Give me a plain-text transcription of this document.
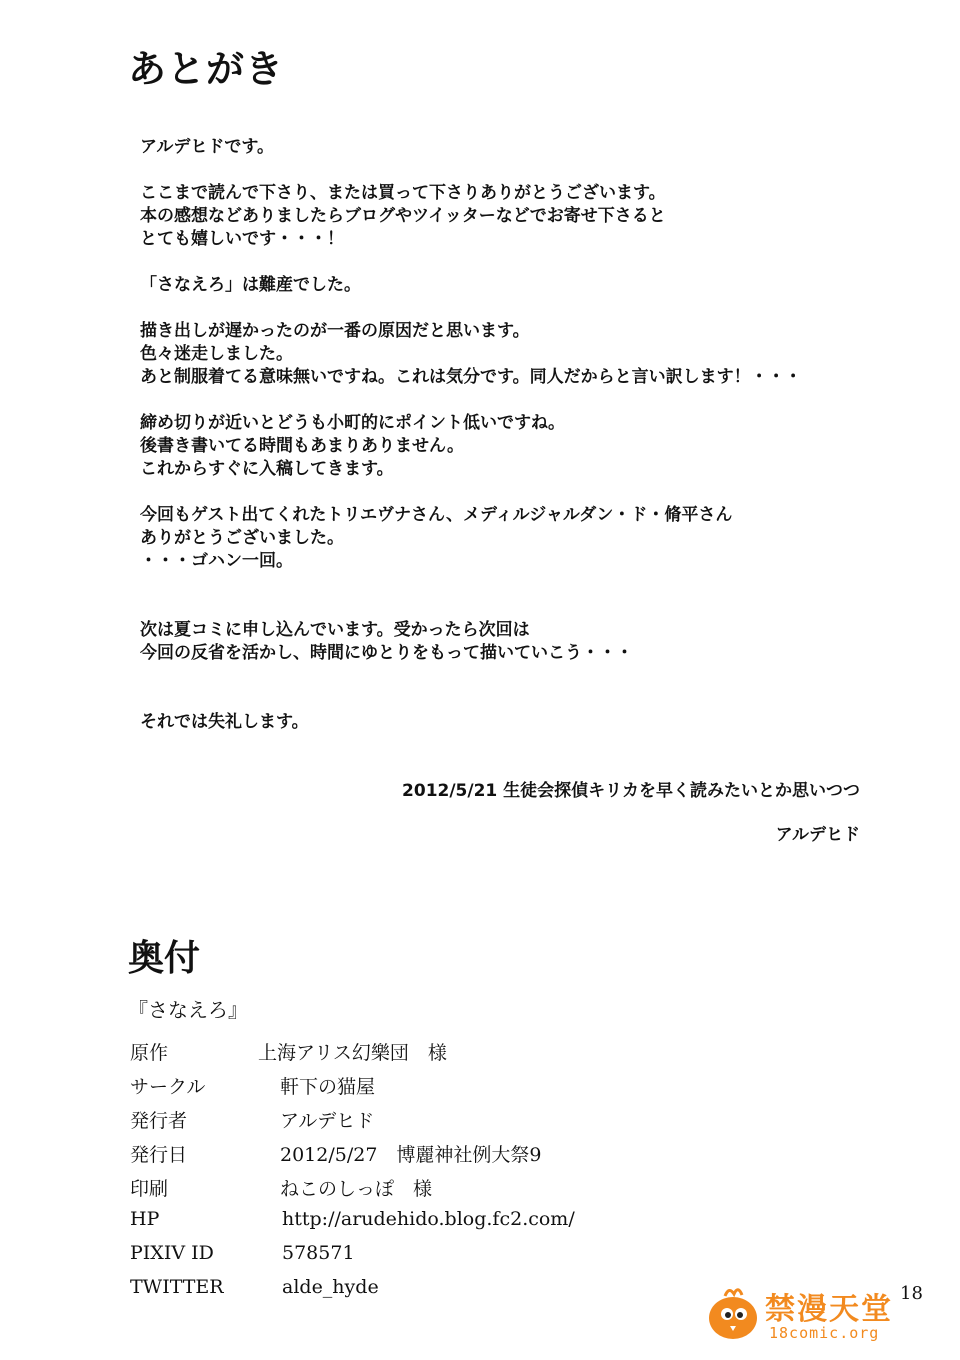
あとがき
アルデヒドです。
ここまで読んで下さり、または買って下さりありがとうございます。
本の感想などありましたらブログやツイッターなどでお寄せ下さると
とても嬉しいです・・・！
「さなえろ」は難産でした。
描き出しが遅かったのが一番の原因だと思います。
色々迷走しました。
あと制服着てる意味無いですね。これは気分です。同人だからと言い訳します！・・・
締め切りが近いとどうも小町的にポイント低いですね。
後書き書いてる時間もあまりありません。
これからすぐに入稿してきます。
今回もゲスト出てくれたトリエヴナさん、メディルジャルダン・ド・脩平さん
ありがとうございました。
・・・ゴハン一回。
次は夏コミに申し込んでいます。受かったら次回は
今回の反省を活かし、時間にゆとりをもって描いていこう・・・
それでは失礼します。
2012/5/21 生徒会探偵キリカを早く読みたいとか思いつつ
アルデヒド
奥付
『さなえろ』
原作	上海アリス幻樂団　様
サークル	軒下の猫屋
発行者	アルデヒド
発行日	2012/5/27　博麗神社例大祭9
印刷	ねこのしっぽ　様
HP	http://arudehido.blog.fc2.com/
PIXIV ID	578571
TWITTER	alde_hyde	18
禁漫天堂
18comic.org
